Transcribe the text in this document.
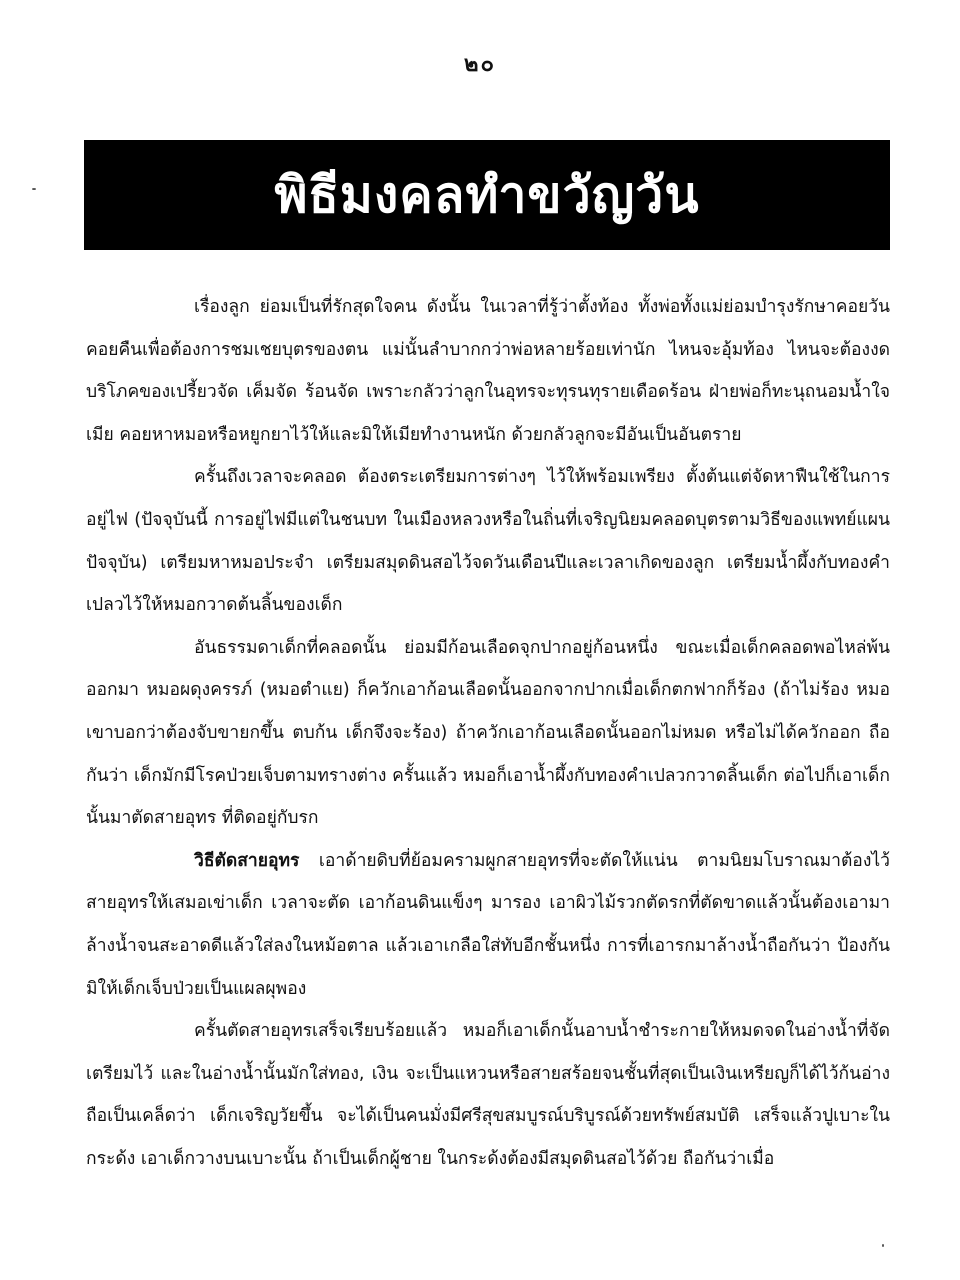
๒๐
พิธีมงคลทำขวัญวัน

เรื่องลูก ย่อมเป็นที่รักสุดใจคน ดังนั้น ในเวลาที่รู้ว่าตั้งท้อง ทั้งพ่อทั้งแม่ย่อมบำรุงรักษาคอยวันคอยคืนเพื่อต้องการชมเชยบุตรของตน แม่นั้นลำบากกว่าพ่อหลายร้อยเท่านัก ไหนจะอุ้มท้อง ไหนจะต้องงดบริโภคของเปรี้ยวจัด เค็มจัด ร้อนจัด เพราะกลัวว่าลูกในอุทรจะทุรนทุรายเดือดร้อน ฝ่ายพ่อก็ทะนุถนอมน้ำใจเมีย คอยหาหมอหรือหยูกยาไว้ให้และมิให้เมียทำงานหนัก ด้วยกลัวลูกจะมีอันเป็นอันตราย

ครั้นถึงเวลาจะคลอด ต้องตระเตรียมการต่างๆ ไว้ให้พร้อมเพรียง ตั้งต้นแต่จัดหาฟืนใช้ในการอยู่ไฟ (ปัจจุบันนี้ การอยู่ไฟมีแต่ในชนบท ในเมืองหลวงหรือในถิ่นที่เจริญนิยมคลอดบุตรตามวิธีของแพทย์แผนปัจจุบัน) เตรียมหาหมอประจำ เตรียมสมุดดินสอไว้จดวันเดือนปีและเวลาเกิดของลูก เตรียมน้ำผึ้งกับทองคำเปลวไว้ให้หมอกวาดต้นลิ้นของเด็ก

อันธรรมดาเด็กที่คลอดนั้น ย่อมมีก้อนเลือดจุกปากอยู่ก้อนหนึ่ง ขณะเมื่อเด็กคลอดพอไหล่พ้นออกมา หมอผดุงครรภ์ (หมอตำแย) ก็ควักเอาก้อนเลือดนั้นออกจากปากเมื่อเด็กตกฟากก็ร้อง (ถ้าไม่ร้อง หมอเขาบอกว่าต้องจับขายกขึ้น ตบก้น เด็กจึงจะร้อง) ถ้าควักเอาก้อนเลือดนั้นออกไม่หมด หรือไม่ได้ควักออก ถือกันว่า เด็กมักมีโรคป่วยเจ็บตามทรางต่าง ครั้นแล้ว หมอก็เอาน้ำผึ้งกับทองคำเปลวกวาดลิ้นเด็ก ต่อไปก็เอาเด็กนั้นมาตัดสายอุทร ที่ติดอยู่กับรก

วิธีตัดสายอุทร เอาด้ายดิบที่ย้อมครามผูกสายอุทรที่จะตัดให้แน่น ตามนิยมโบราณมาต้องไว้สายอุทรให้เสมอเข่าเด็ก เวลาจะตัด เอาก้อนดินแข็งๆ มารอง เอาผิวไม้รวกตัดรกที่ตัดขาดแล้วนั้นต้องเอามาล้างน้ำจนสะอาดดีแล้วใส่ลงในหม้อตาล แล้วเอาเกลือใส่ทับอีกชั้นหนึ่ง การที่เอารกมาล้างน้ำถือกันว่า ป้องกันมิให้เด็กเจ็บป่วยเป็นแผลผุพอง

ครั้นตัดสายอุทรเสร็จเรียบร้อยแล้ว หมอก็เอาเด็กนั้นอาบน้ำชำระกายให้หมดจดในอ่างน้ำที่จัดเตรียมไว้ และในอ่างน้ำนั้นมักใส่ทอง, เงิน จะเป็นแหวนหรือสายสร้อยจนชั้นที่สุดเป็นเงินเหรียญก็ได้ไว้ก้นอ่าง ถือเป็นเคล็ดว่า เด็กเจริญวัยขึ้น จะได้เป็นคนมั่งมีศรีสุขสมบูรณ์บริบูรณ์ด้วยทรัพย์สมบัติ เสร็จแล้วปูเบาะในกระด้ง เอาเด็กวางบนเบาะนั้น ถ้าเป็นเด็กผู้ชาย ในกระด้งต้องมีสมุดดินสอไว้ด้วย ถือกันว่าเมื่อ
